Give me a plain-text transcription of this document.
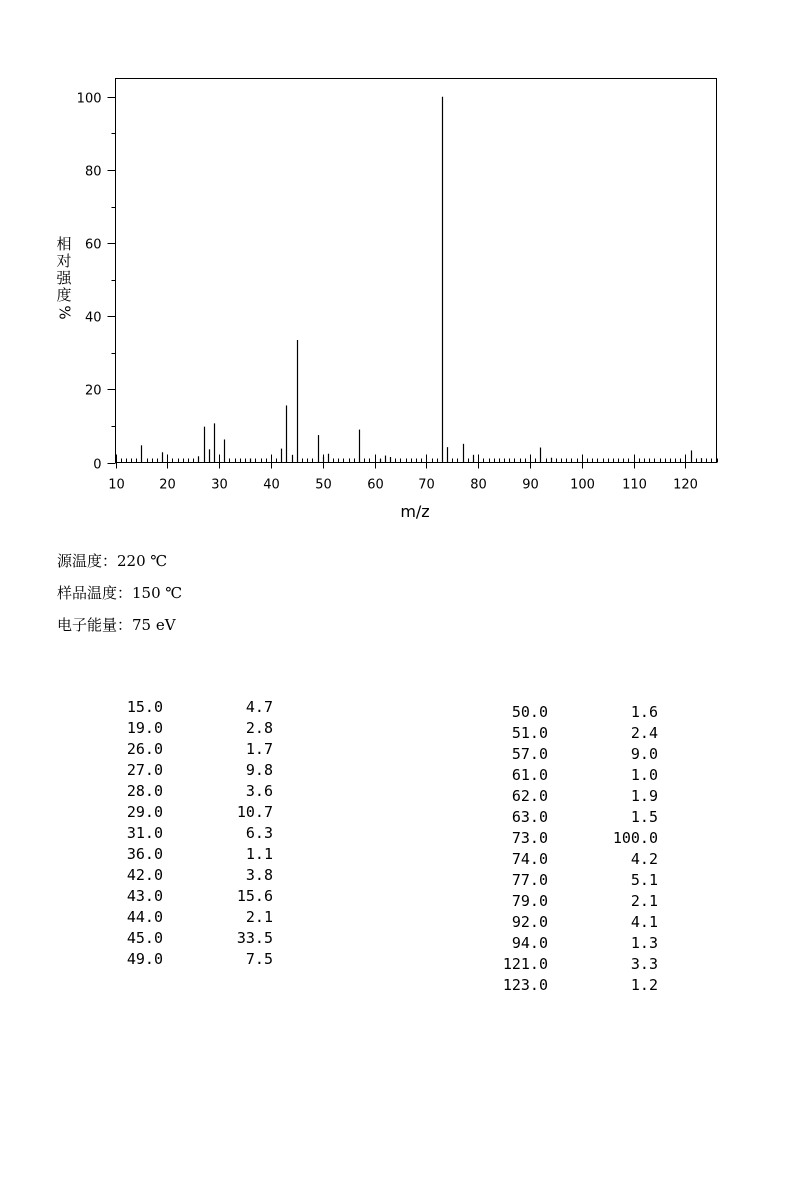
10	20	30	40	50	60	70	80	90 100 110 120
0
20
40
60
80
100
m/z
相
对
强
度
%
源温度：220 ℃
样品温度：150 ℃
电子能量：75 eV
15.0	4.7
19.0	2.8
26.0	1.7
27.0	9.8
28.0	3.6
29.0	10.7
31.0	6.3
36.0	1.1
42.0	3.8
43.0	15.6
44.0	2.1
45.0	33.5
49.0	7.5
50.0	1.6
51.0	2.4
57.0	9.0
61.0	1.0
62.0	1.9
63.0	1.5
73.0	100.0
74.0	4.2
77.0	5.1
79.0	2.1
92.0	4.1
94.0	1.3
121.0	3.3
123.0	1.2
